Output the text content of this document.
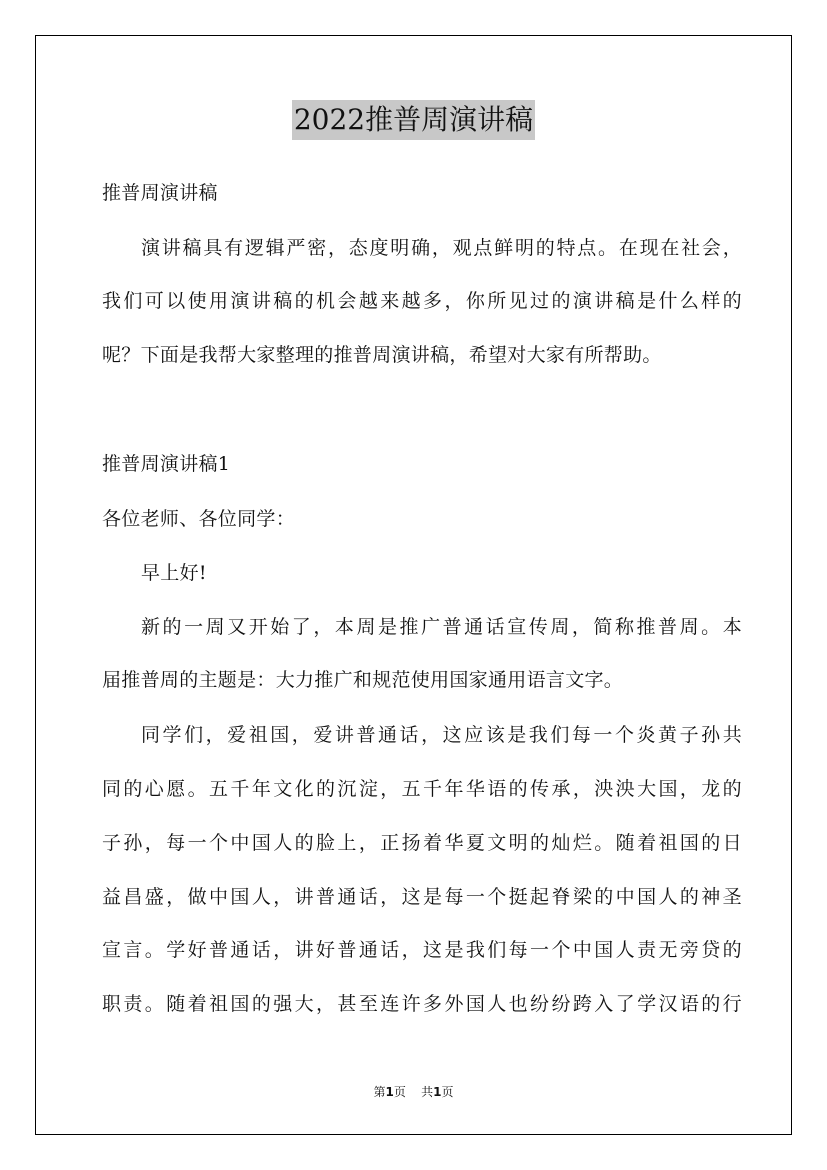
2022推普周演讲稿
推普周演讲稿
演讲稿具有逻辑严密，态度明确，观点鲜明的特点。在现在社会，
我们可以使用演讲稿的机会越来越多，你所见过的演讲稿是什么样的
呢？下面是我帮大家整理的推普周演讲稿，希望对大家有所帮助。
推普周演讲稿1
各位老师、各位同学：
早上好!
新的一周又开始了，本周是推广普通话宣传周，简称推普周。本
届推普周的主题是：大力推广和规范使用国家通用语言文字。
同学们，爱祖国，爱讲普通话，这应该是我们每一个炎黄子孙共
同的心愿。五千年文化的沉淀，五千年华语的传承，泱泱大国，龙的
子孙，每一个中国人的脸上，正扬着华夏文明的灿烂。随着祖国的日
益昌盛，做中国人，讲普通话，这是每一个挺起脊梁的中国人的神圣
宣言。学好普通话，讲好普通话，这是我们每一个中国人责无旁贷的
职责。随着祖国的强大，甚至连许多外国人也纷纷跨入了学汉语的行
第1页 共1页
